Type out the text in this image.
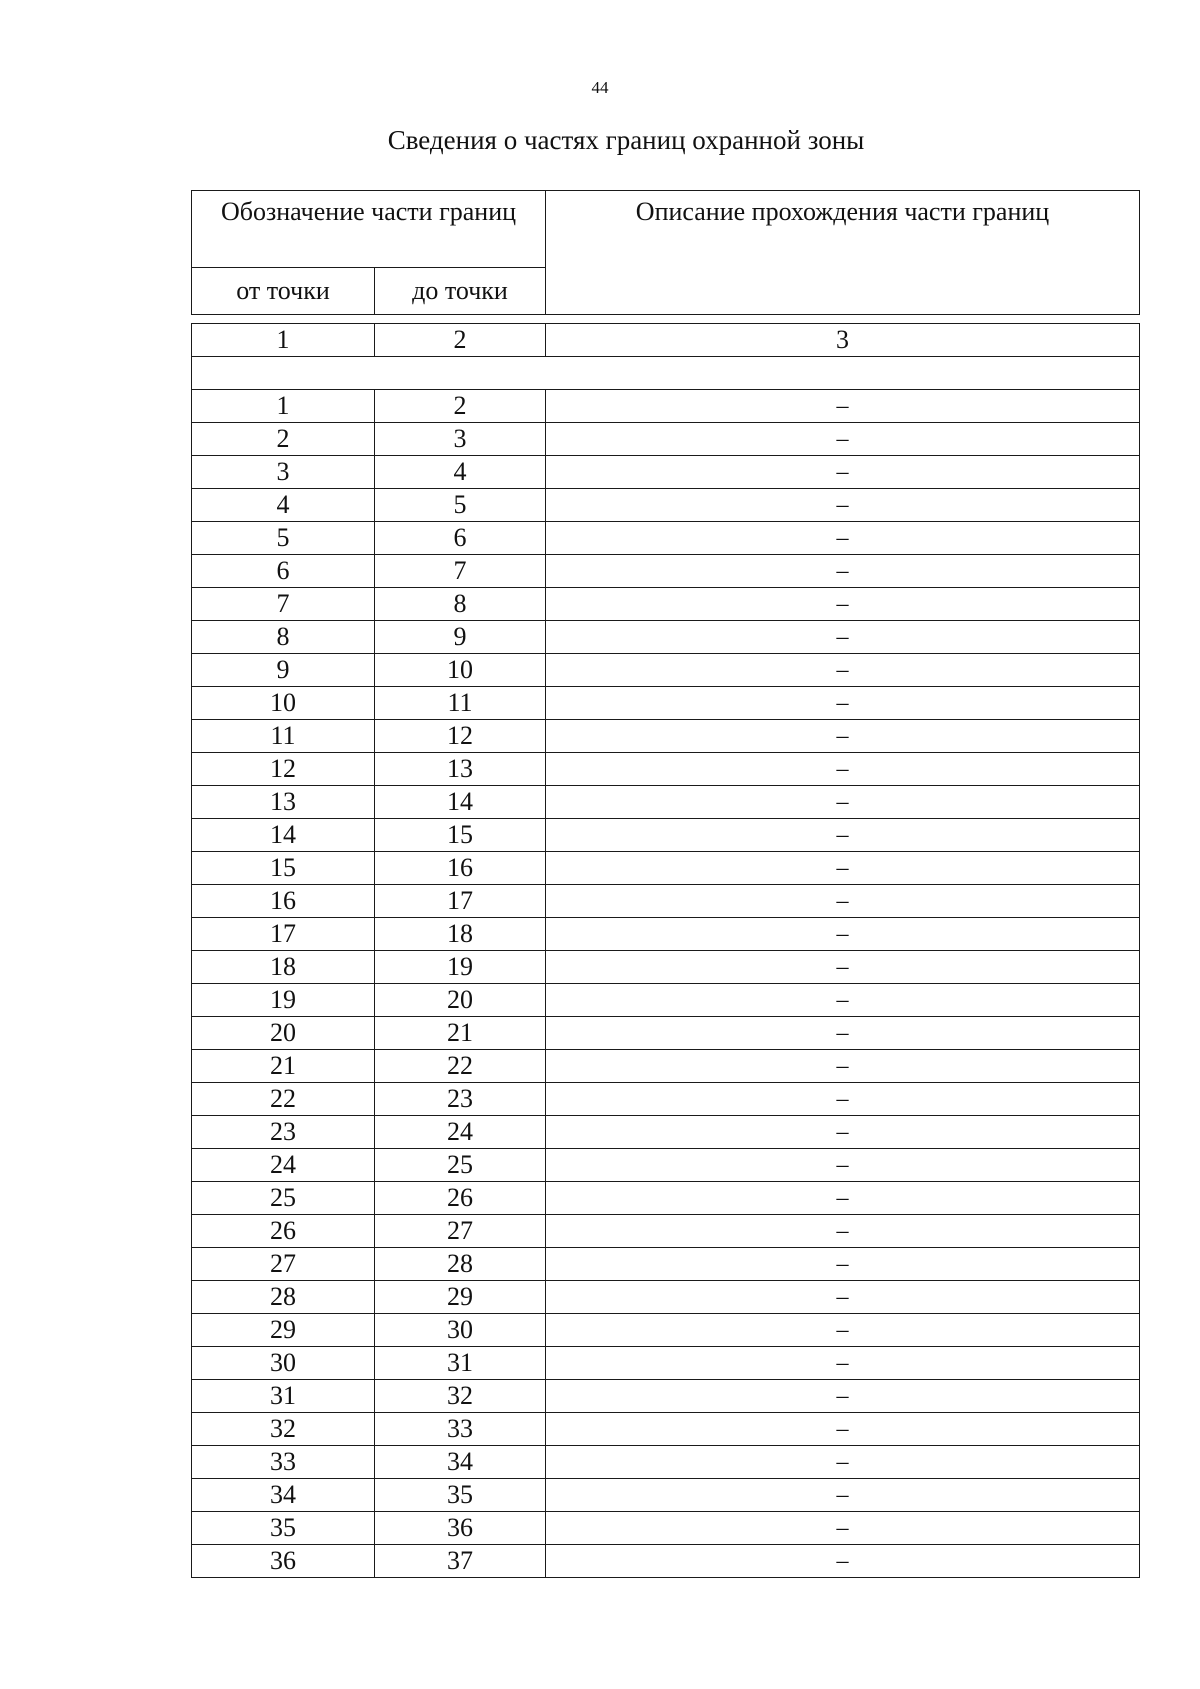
44
Сведения о частях границ охранной зоны
Обозначение части границ		Описание прохождения части границ
от точки	до точки	

1	2	3

1	2	–
2	3	–
3	4	–
4	5	–
5	6	–
6	7	–
7	8	–
8	9	–
9	10	–
10	11	–
11	12	–
12	13	–
13	14	–
14	15	–
15	16	–
16	17	–
17	18	–
18	19	–
19	20	–
20	21	–
21	22	–
22	23	–
23	24	–
24	25	–
25	26	–
26	27	–
27	28	–
28	29	–
29	30	–
30	31	–
31	32	–
32	33	–
33	34	–
34	35	–
35	36	–
36	37	–
